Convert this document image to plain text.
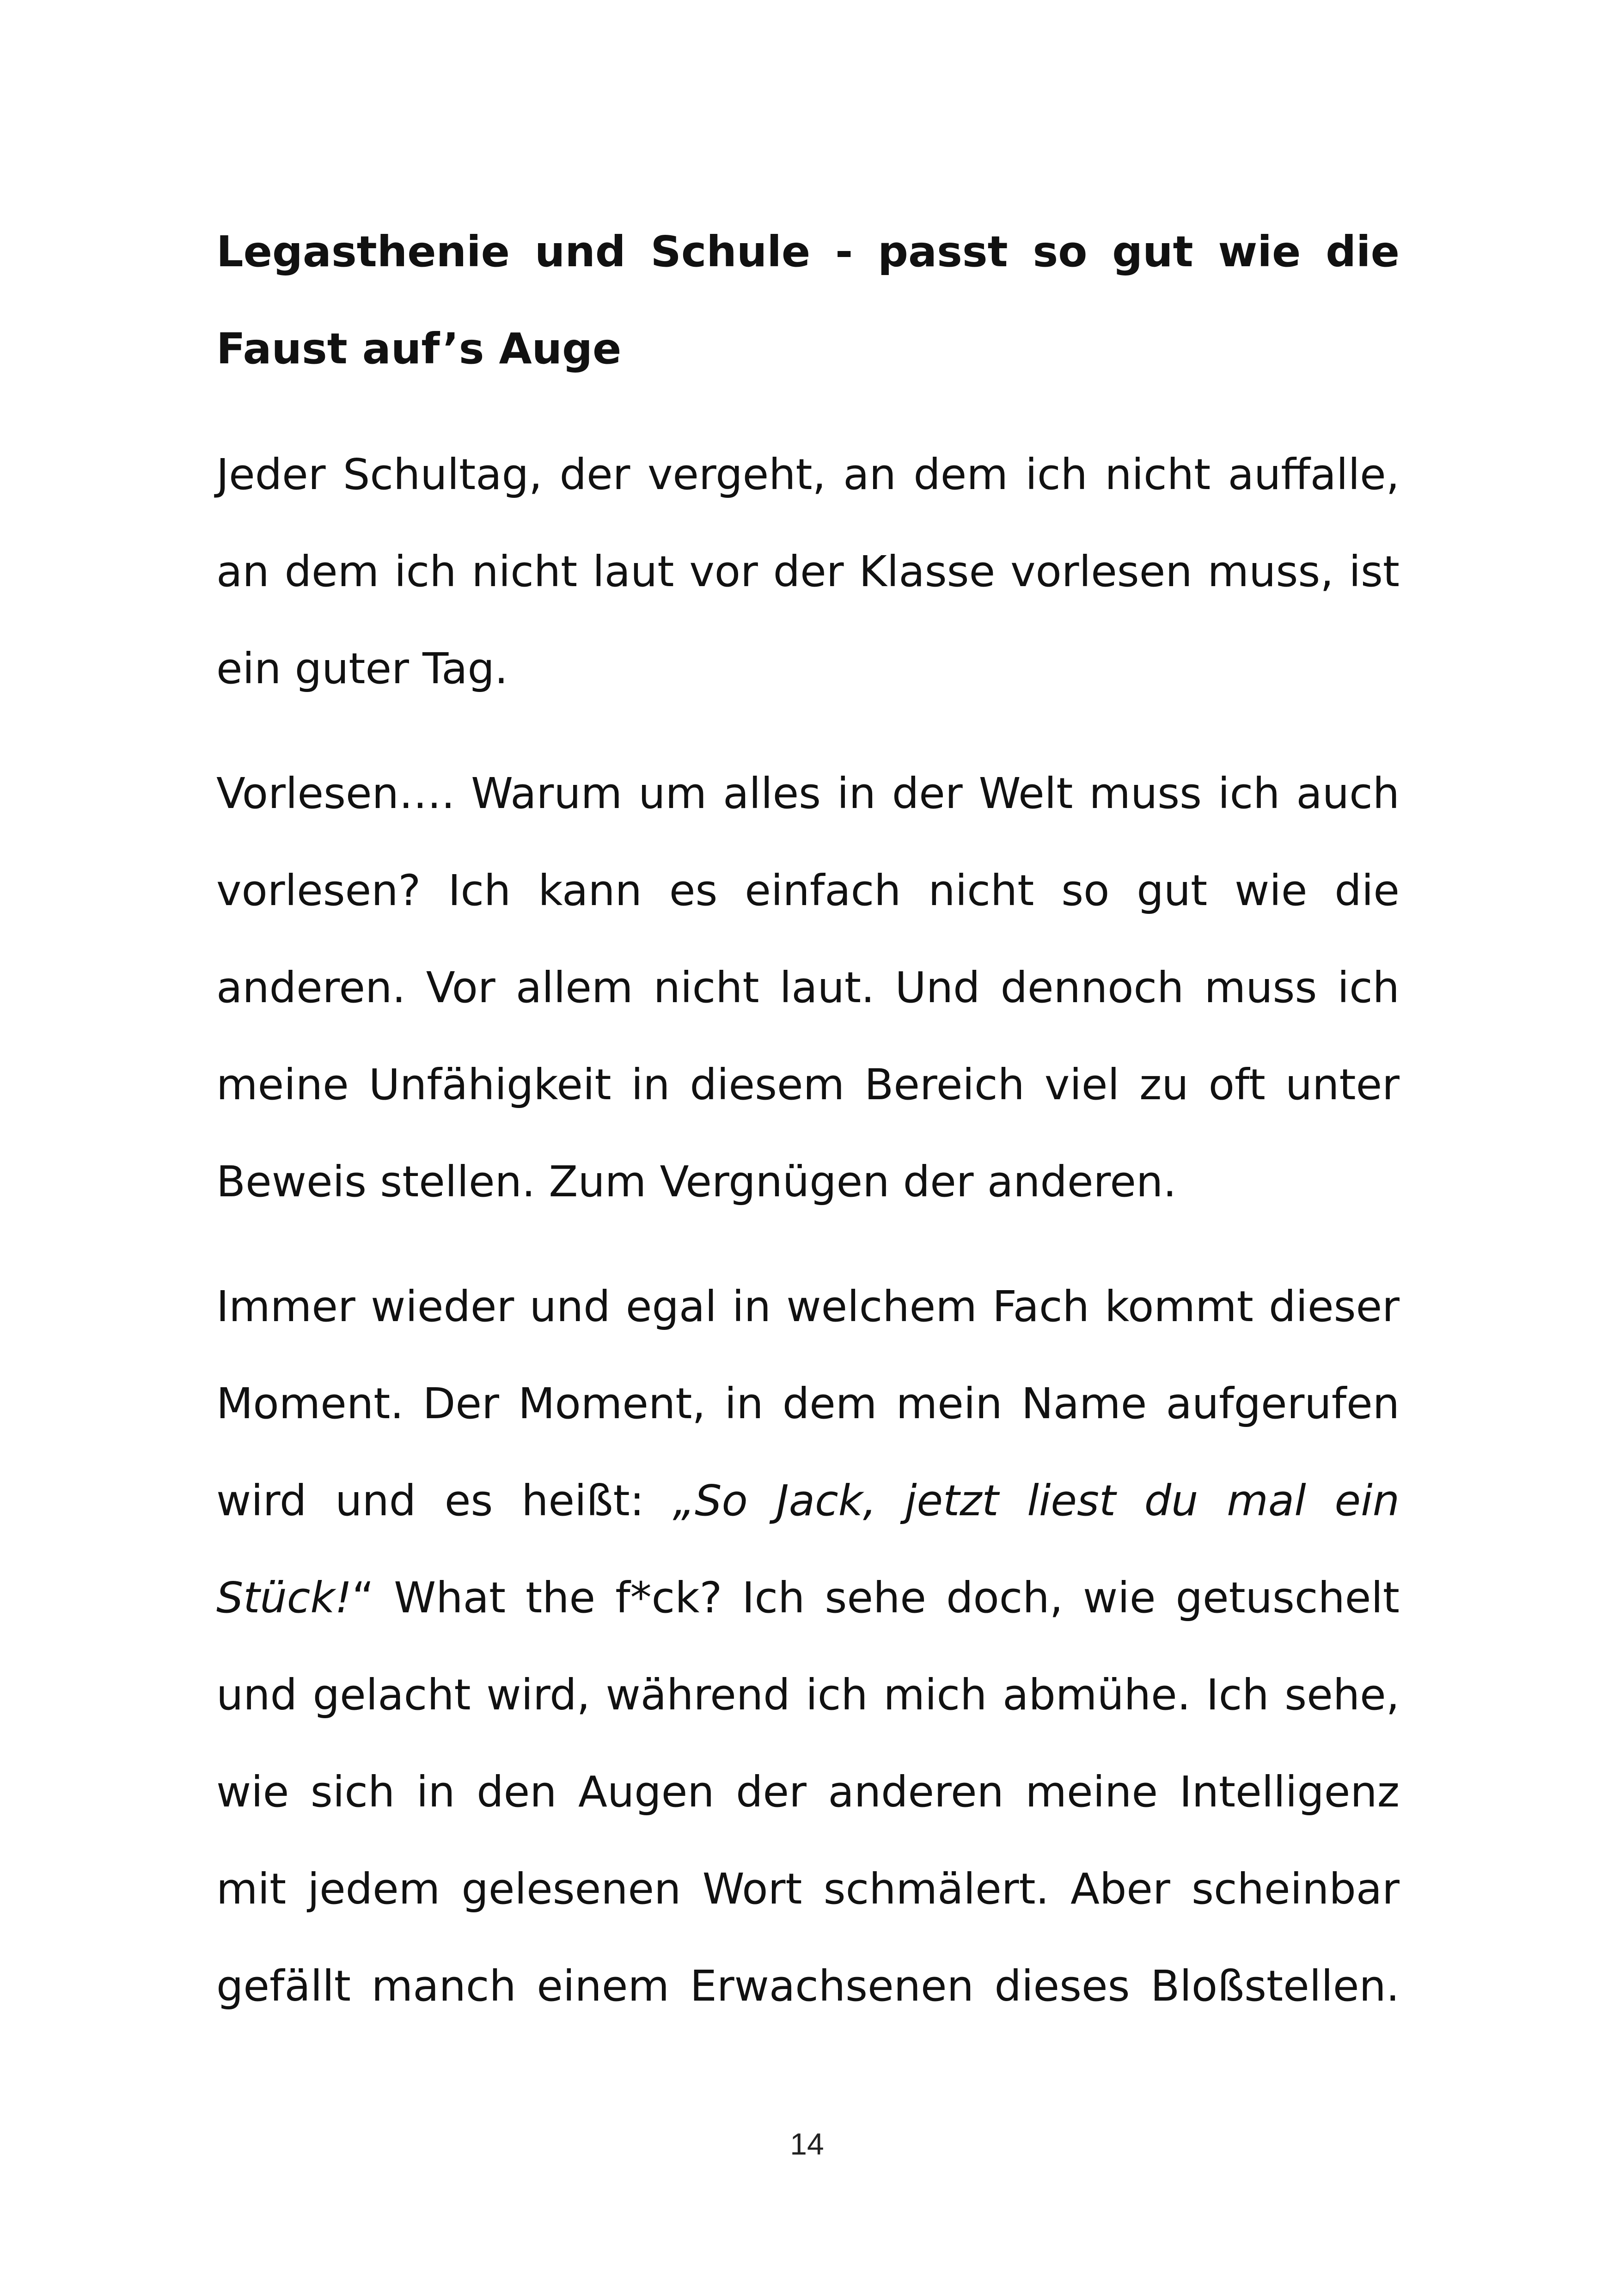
Legasthenie und Schule - passt so gut wie die Faust auf’s Auge

Jeder Schultag, der vergeht, an dem ich nicht auffalle, an dem ich nicht laut vor der Klasse vorlesen muss, ist ein guter Tag.

Vorlesen…. Warum um alles in der Welt muss ich auch vorlesen? Ich kann es einfach nicht so gut wie die anderen. Vor allem nicht laut. Und dennoch muss ich meine Unfähigkeit in diesem Bereich viel zu oft unter Beweis stellen. Zum Vergnügen der anderen.

Immer wieder und egal in welchem Fach kommt dieser Moment. Der Moment, in dem mein Name aufgerufen wird und es heißt: „So Jack, jetzt liest du mal ein Stück!“ What the f*ck? Ich sehe doch, wie getuschelt und gelacht wird, während ich mich abmühe. Ich sehe, wie sich in den Augen der anderen meine Intelligenz mit jedem gelesenen Wort schmälert. Aber scheinbar gefällt manch einem Erwachsenen dieses Bloßstellen.

14
